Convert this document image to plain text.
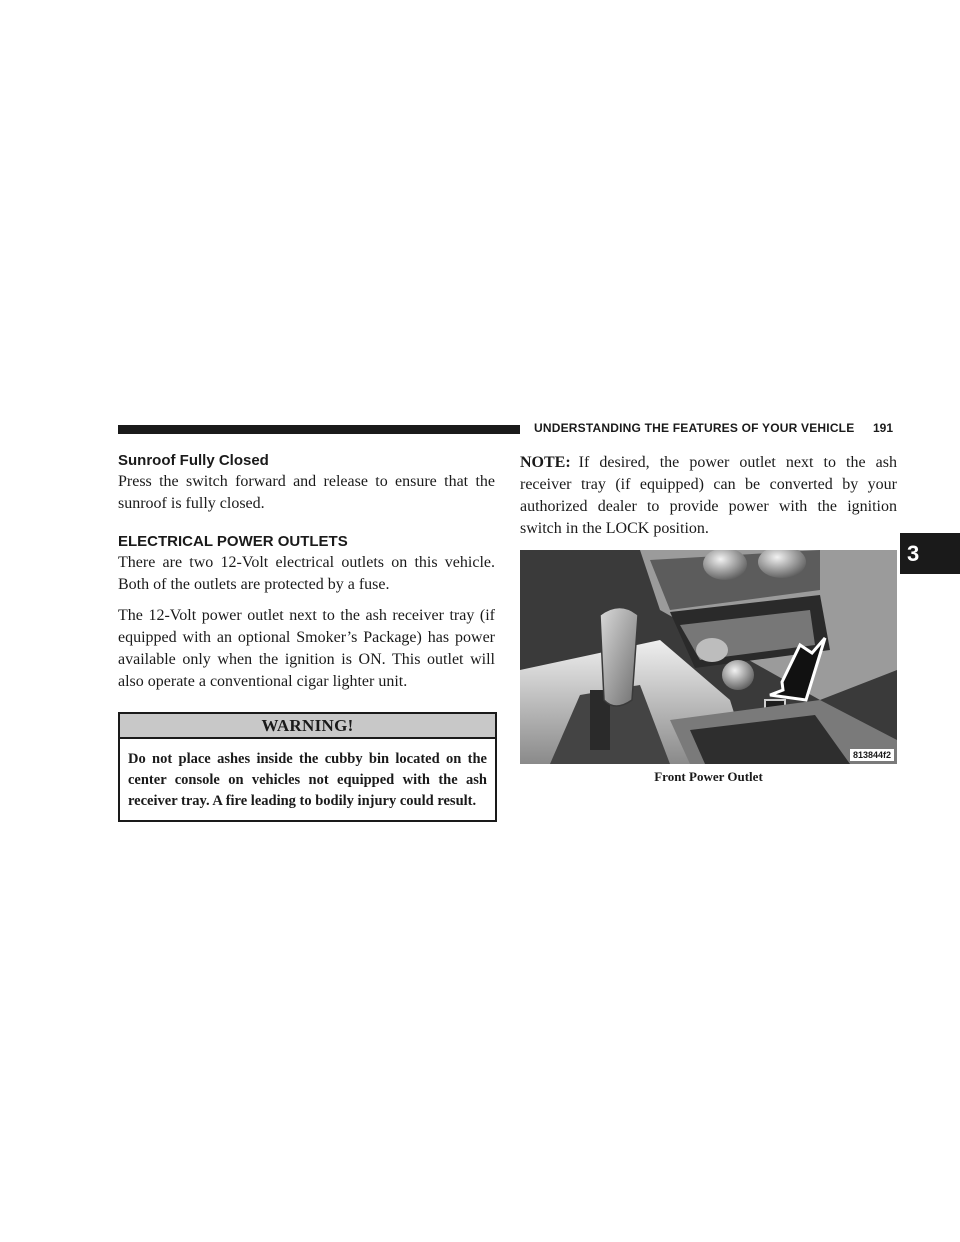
UNDERSTANDING THE FEATURES OF YOUR VEHICLE 191
3
Sunroof Fully Closed

Press the switch forward and release to ensure that the sunroof is fully closed.

ELECTRICAL POWER OUTLETS

There are two 12-Volt electrical outlets on this vehicle. Both of the outlets are protected by a fuse.

The 12-Volt power outlet next to the ash receiver tray (if equipped with an optional Smoker’s Package) has power available only when the ignition is ON. This outlet will also operate a conventional cigar lighter unit.

WARNING!
Do not place ashes inside the cubby bin located on the center console on vehicles not equipped with the ash receiver tray. A fire leading to bodily injury could result.

NOTE: If desired, the power outlet next to the ash receiver tray (if equipped) can be converted by your authorized dealer to provide power with the ignition switch in the LOCK position.

813844f2
Front Power Outlet
